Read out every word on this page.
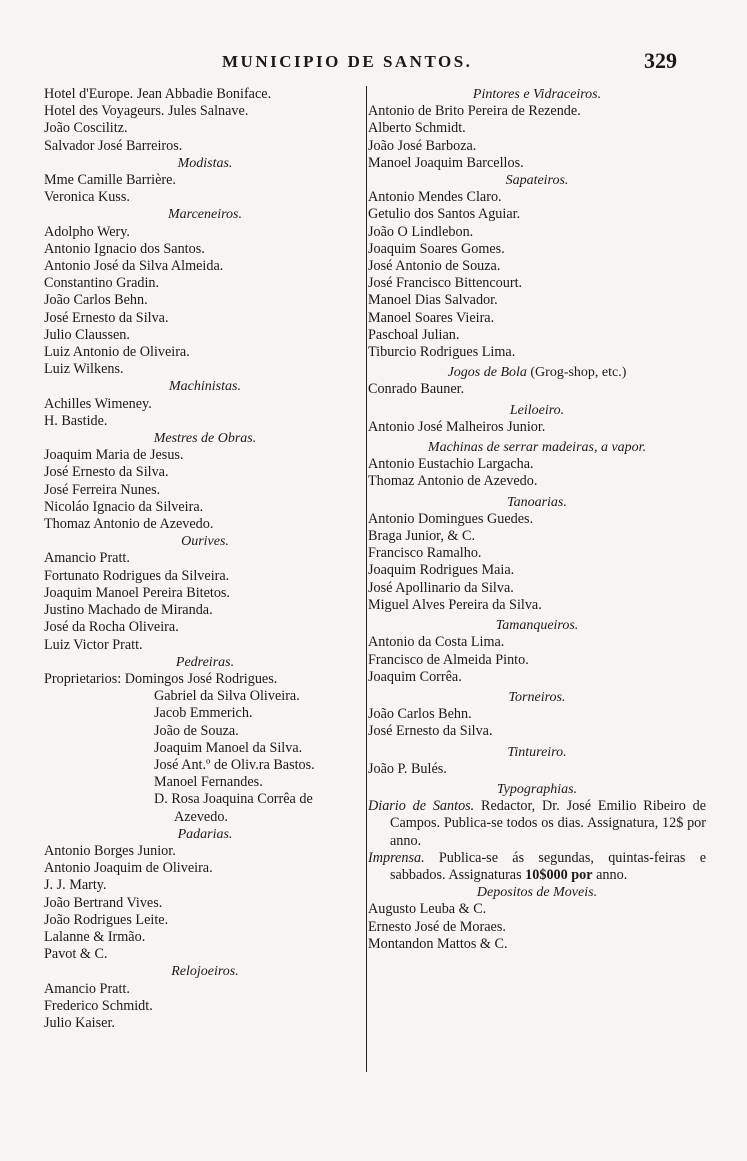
MUNICIPIO DE SANTOS.	329
Hotel d'Europe. Jean Abbadie Boniface.
Hotel des Voyageurs. Jules Salnave.
João Coscilitz.
Salvador José Barreiros.
Modistas.
Mme Camille Barrière.
Veronica Kuss.
Marceneiros.
Adolpho Wery.
Antonio Ignacio dos Santos.
Antonio José da Silva Almeida.
Constantino Gradin.
João Carlos Behn.
José Ernesto da Silva.
Julio Claussen.
Luiz Antonio de Oliveira.
Luiz Wilkens.
Machinistas.
Achilles Wimeney.
H. Bastide.
Mestres de Obras.
Joaquim Maria de Jesus.
José Ernesto da Silva.
José Ferreira Nunes.
Nicoláo Ignacio da Silveira.
Thomaz Antonio de Azevedo.
Ourives.
Amancio Pratt.
Fortunato Rodrigues da Silveira.
Joaquim Manoel Pereira Bitetos.
Justino Machado de Miranda.
José da Rocha Oliveira.
Luiz Victor Pratt.
Pedreiras.
Proprietarios: Domingos José Rodrigues.
Gabriel da Silva Oliveira.
Jacob Emmerich.
João de Souza.
Joaquim Manoel da Silva.
José Ant.º de Oliv.ra Bastos.
Manoel Fernandes.
D. Rosa Joaquina Corrêa de
Azevedo.
Padarias.
Antonio Borges Junior.
Antonio Joaquim de Oliveira.
J. J. Marty.
João Bertrand Vives.
João Rodrigues Leite.
Lalanne & Irmão.
Pavot & C.
Relojoeiros.
Amancio Pratt.
Frederico Schmidt.
Julio Kaiser.
Pintores e Vidraceiros.
Antonio de Brito Pereira de Rezende.
Alberto Schmidt.
João José Barboza.
Manoel Joaquim Barcellos.
Sapateiros.
Antonio Mendes Claro.
Getulio dos Santos Aguiar.
João O Lindlebon.
Joaquim Soares Gomes.
José Antonio de Souza.
José Francisco Bittencourt.
Manoel Dias Salvador.
Manoel Soares Vieira.
Paschoal Julian.
Tiburcio Rodrigues Lima.
Jogos de Bola (Grog-shop, etc.)
Conrado Bauner.
Leiloeiro.
Antonio José Malheiros Junior.
Machinas de serrar madeiras, a vapor.
Antonio Eustachio Largacha.
Thomaz Antonio de Azevedo.
Tanoarias.
Antonio Domingues Guedes.
Braga Junior, & C.
Francisco Ramalho.
Joaquim Rodrigues Maia.
José Apollinario da Silva.
Miguel Alves Pereira da Silva.
Tamanqueiros.
Antonio da Costa Lima.
Francisco de Almeida Pinto.
Joaquim Corrêa.
Torneiros.
João Carlos Behn.
José Ernesto da Silva.
Tintureiro.
João P. Bulés.
Typographias.
Diario de Santos. Redactor, Dr. José Emilio Ribeiro de Campos. Publica-se todos os dias. Assignatura, 12$ por anno.
Imprensa. Publica-se ás segundas, quintas-feiras e sabbados. Assignaturas 10$000 por anno.
Depositos de Moveis.
Augusto Leuba & C.
Ernesto José de Moraes.
Montandon Mattos & C.
